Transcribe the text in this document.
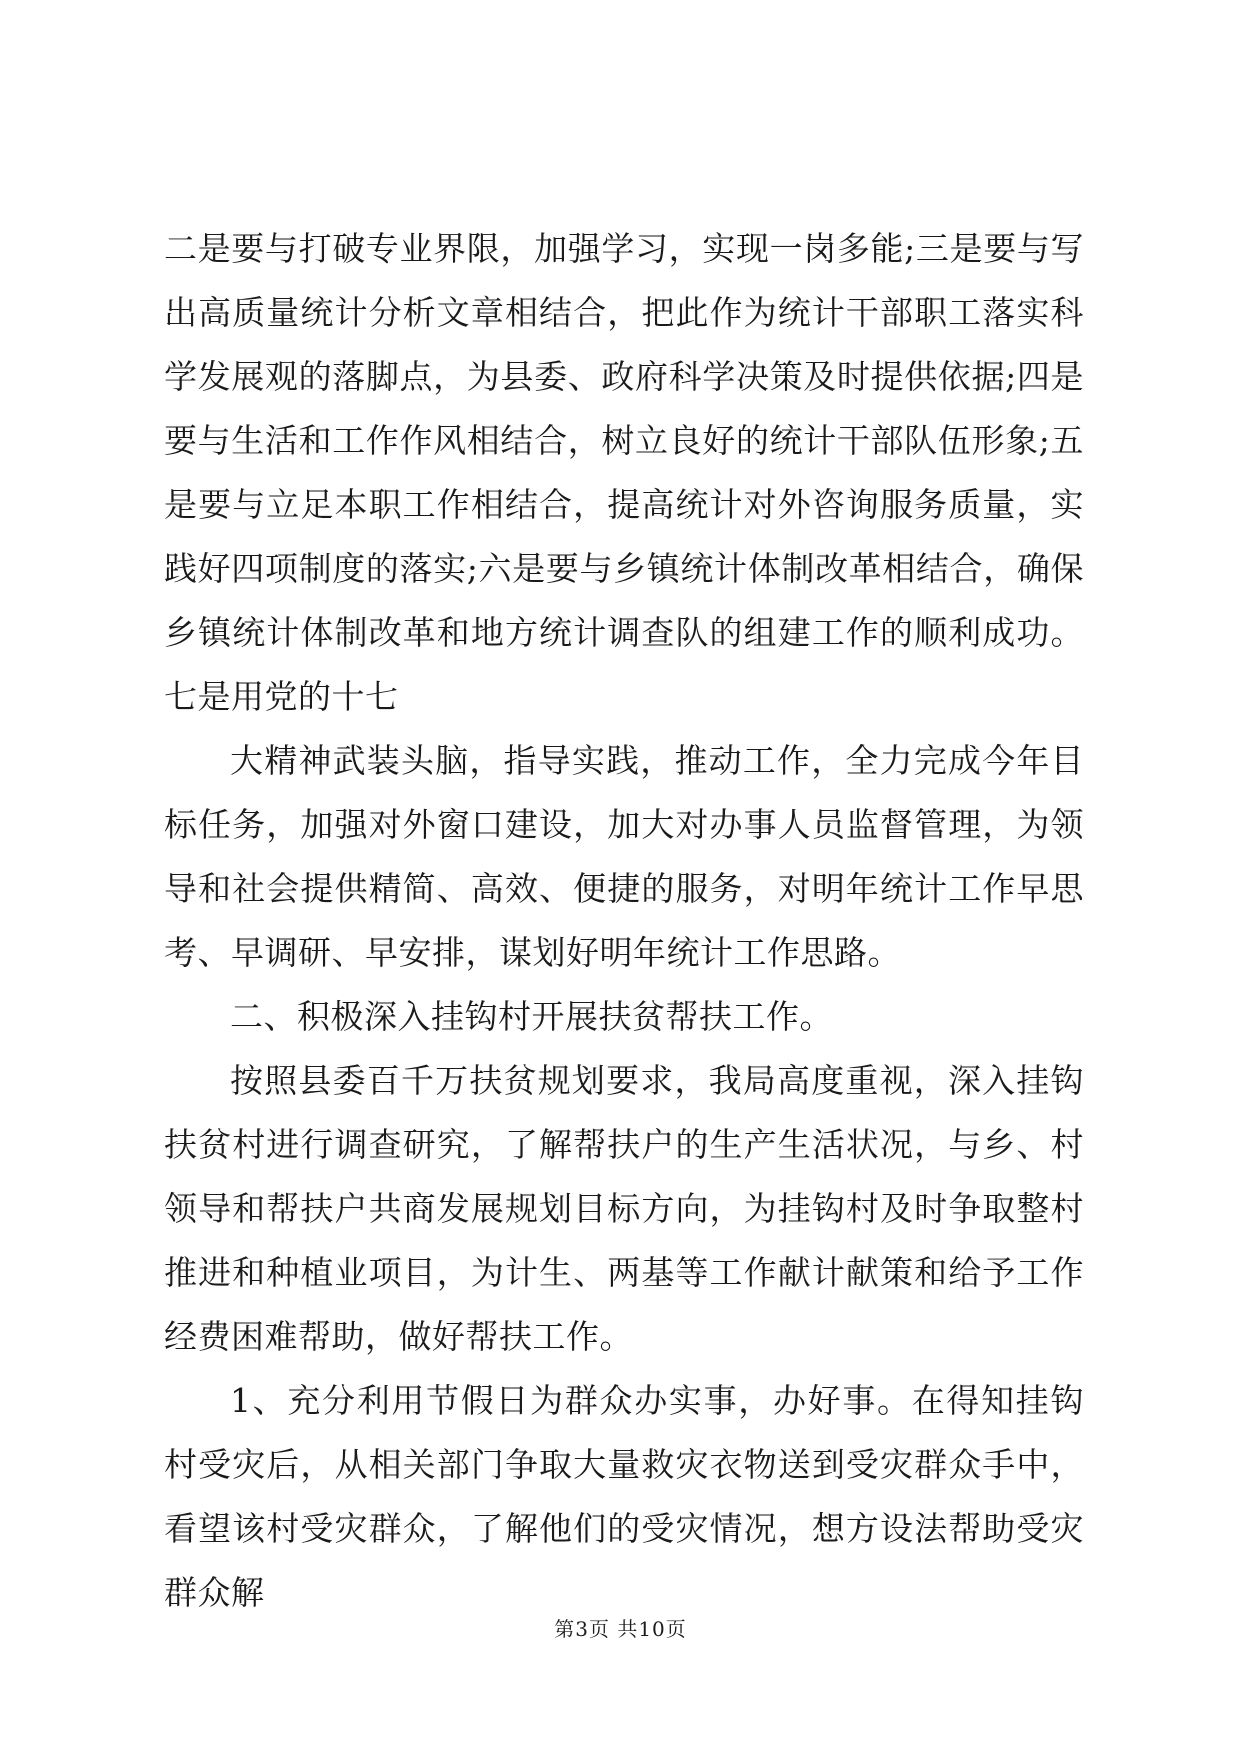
二是要与打破专业界限，加强学习，实现一岗多能;三是要与写出高质量统计分析文章相结合，把此作为统计干部职工落实科学发展观的落脚点，为县委、政府科学决策及时提供依据;四是要与生活和工作作风相结合，树立良好的统计干部队伍形象;五是要与立足本职工作相结合，提高统计对外咨询服务质量，实践好四项制度的落实;六是要与乡镇统计体制改革相结合，确保乡镇统计体制改革和地方统计调查队的组建工作的顺利成功。七是用党的十七

大精神武装头脑，指导实践，推动工作，全力完成今年目标任务，加强对外窗口建设，加大对办事人员监督管理，为领导和社会提供精简、高效、便捷的服务，对明年统计工作早思考、早调研、早安排，谋划好明年统计工作思路。

二、积极深入挂钩村开展扶贫帮扶工作。

按照县委百千万扶贫规划要求，我局高度重视，深入挂钩扶贫村进行调查研究，了解帮扶户的生产生活状况，与乡、村领导和帮扶户共商发展规划目标方向，为挂钩村及时争取整村推进和种植业项目，为计生、两基等工作献计献策和给予工作经费困难帮助，做好帮扶工作。

1、充分利用节假日为群众办实事，办好事。在得知挂钩村受灾后，从相关部门争取大量救灾衣物送到受灾群众手中，看望该村受灾群众，了解他们的受灾情况，想方设法帮助受灾群众解

第3页 共10页
